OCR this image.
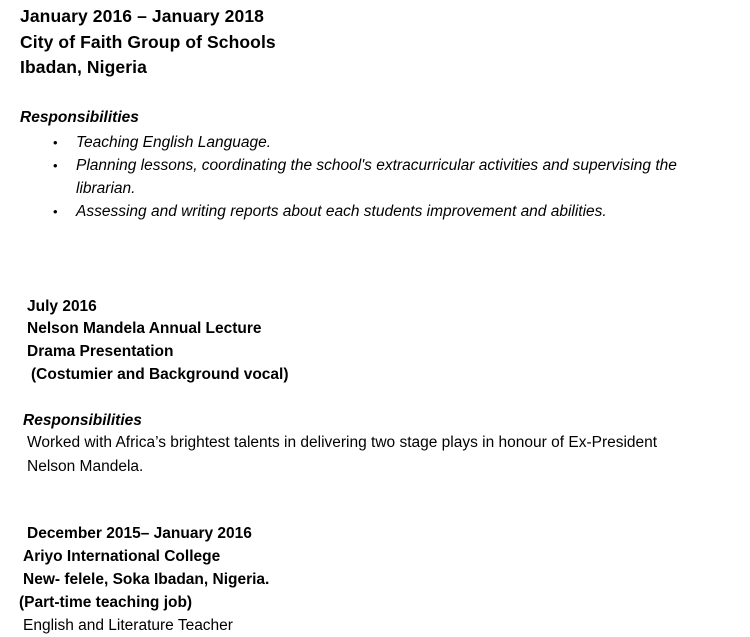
January 2016 – January 2018
City of Faith Group of Schools
Ibadan, Nigeria
Responsibilities
• Teaching English Language.
• Planning lessons, coordinating the school's extracurricular activities and supervising the
librarian.
• Assessing and writing reports about each students improvement and abilities.
July 2016
Nelson Mandela Annual Lecture
Drama Presentation
(Costumier and Background vocal)
Responsibilities
Worked with Africa’s brightest talents in delivering two stage plays in honour of Ex-President
Nelson Mandela.
December 2015– January 2016
Ariyo International College
New- felele, Soka Ibadan, Nigeria.
(Part-time teaching job)
English and Literature Teacher
